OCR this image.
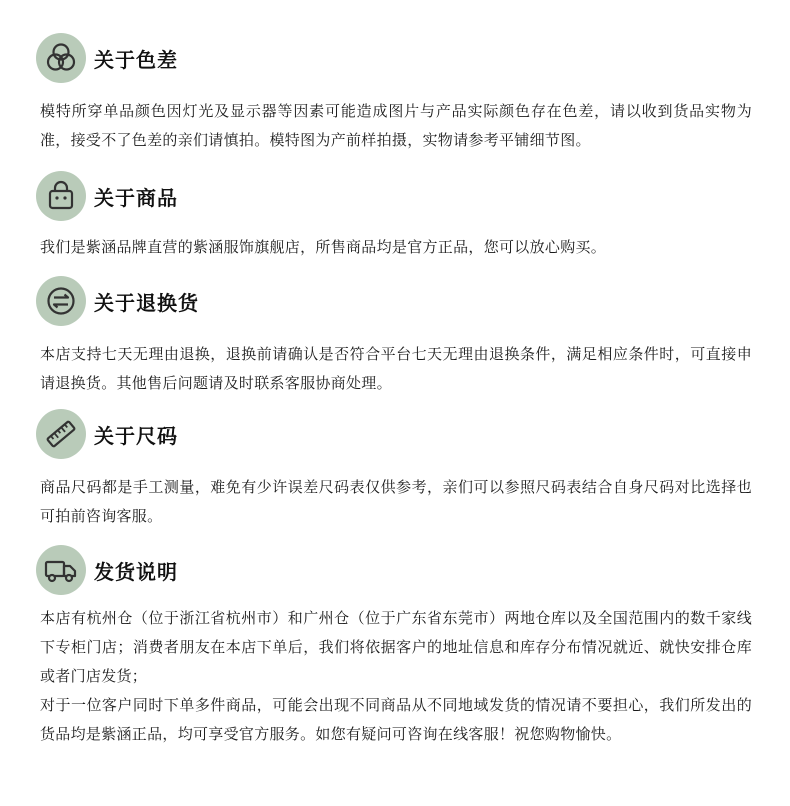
关于色差

模特所穿单品颜色因灯光及显示器等因素可能造成图片与产品实际颜色存在色差，请以收到货品实物为准，接受不了色差的亲们请慎拍。模特图为产前样拍摄，实物请参考平铺细节图。

关于商品

我们是紫涵品牌直营的紫涵服饰旗舰店，所售商品均是官方正品，您可以放心购买。

关于退换货

本店支持七天无理由退换，退换前请确认是否符合平台七天无理由退换条件，满足相应条件时，可直接申请退换货。其他售后问题请及时联系客服协商处理。

关于尺码

商品尺码都是手工测量，难免有少许误差尺码表仅供参考，亲们可以参照尺码表结合自身尺码对比选择也可拍前咨询客服。

发货说明

本店有杭州仓（位于浙江省杭州市）和广州仓（位于广东省东莞市）两地仓库以及全国范围内的数千家线下专柜门店；消费者朋友在本店下单后，我们将依据客户的地址信息和库存分布情况就近、就快安排仓库或者门店发货；

对于一位客户同时下单多件商品，可能会出现不同商品从不同地域发货的情况请不要担心，我们所发出的货品均是紫涵正品，均可享受官方服务。如您有疑问可咨询在线客服！祝您购物愉快。
